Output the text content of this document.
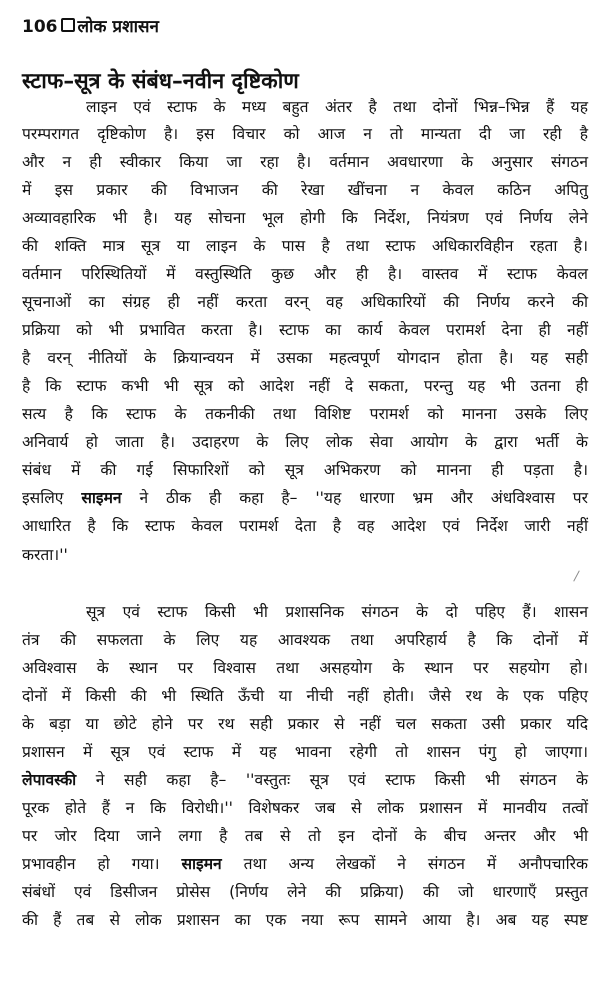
106 लोक प्रशासन
स्टाफ–सूत्र के संबंध–नवीन दृष्टिकोण
लाइन एवं स्टाफ के मध्य बहुत अंतर है तथा दोनों भिन्न–भिन्न हैं यह
परम्परागत दृष्टिकोण है। इस विचार को आज न तो मान्यता दी जा रही है
और न ही स्वीकार किया जा रहा है। वर्तमान अवधारणा के अनुसार संगठन
में इस प्रकार की विभाजन की रेखा खींचना न केवल कठिन अपितु
अव्यावहारिक भी है। यह सोचना भूल होगी कि निर्देश, नियंत्रण एवं निर्णय लेने
की शक्ति मात्र सूत्र या लाइन के पास है तथा स्टाफ अधिकारविहीन रहता है।
वर्तमान परिस्थितियों में वस्तुस्थिति कुछ और ही है। वास्तव में स्टाफ केवल
सूचनाओं का संग्रह ही नहीं करता वरन् वह अधिकारियों की निर्णय करने की
प्रक्रिया को भी प्रभावित करता है। स्टाफ का कार्य केवल परामर्श देना ही नहीं
है वरन् नीतियों के क्रियान्वयन में उसका महत्वपूर्ण योगदान होता है। यह सही
है कि स्टाफ कभी भी सूत्र को आदेश नहीं दे सकता, परन्तु यह भी उतना ही
सत्य है कि स्टाफ के तकनीकी तथा विशिष्ट परामर्श को मानना उसके लिए
अनिवार्य हो जाता है। उदाहरण के लिए लोक सेवा आयोग के द्वारा भर्ती के
संबंध में की गई सिफारिशों को सूत्र अभिकरण को मानना ही पड़ता है।
इसलिए साइमन ने ठीक ही कहा है– ''यह धारणा भ्रम और अंधविश्वास पर
आधारित है कि स्टाफ केवल परामर्श देता है वह आदेश एवं निर्देश जारी नहीं
करता।''
सूत्र एवं स्टाफ किसी भी प्रशासनिक संगठन के दो पहिए हैं। शासन
तंत्र की सफलता के लिए यह आवश्यक तथा अपरिहार्य है कि दोनों में
अविश्वास के स्थान पर विश्वास तथा असहयोग के स्थान पर सहयोग हो।
दोनों में किसी की भी स्थिति ऊँची या नीची नहीं होती। जैसे रथ के एक पहिए
के बड़ा या छोटे होने पर रथ सही प्रकार से नहीं चल सकता उसी प्रकार यदि
प्रशासन में सूत्र एवं स्टाफ में यह भावना रहेगी तो शासन पंगु हो जाएगा।
लेपावस्की ने सही कहा है– ''वस्तुतः सूत्र एवं स्टाफ किसी भी संगठन के
पूरक होते हैं न कि विरोधी।'' विशेषकर जब से लोक प्रशासन में मानवीय तत्वों
पर जोर दिया जाने लगा है तब से तो इन दोनों के बीच अन्तर और भी
प्रभावहीन हो गया। साइमन तथा अन्य लेखकों ने संगठन में अनौपचारिक
संबंधों एवं डिसीजन प्रोसेस (निर्णय लेने की प्रक्रिया) की जो धारणाएँ प्रस्तुत
की हैं तब से लोक प्रशासन का एक नया रूप सामने आया है। अब यह स्पष्ट
